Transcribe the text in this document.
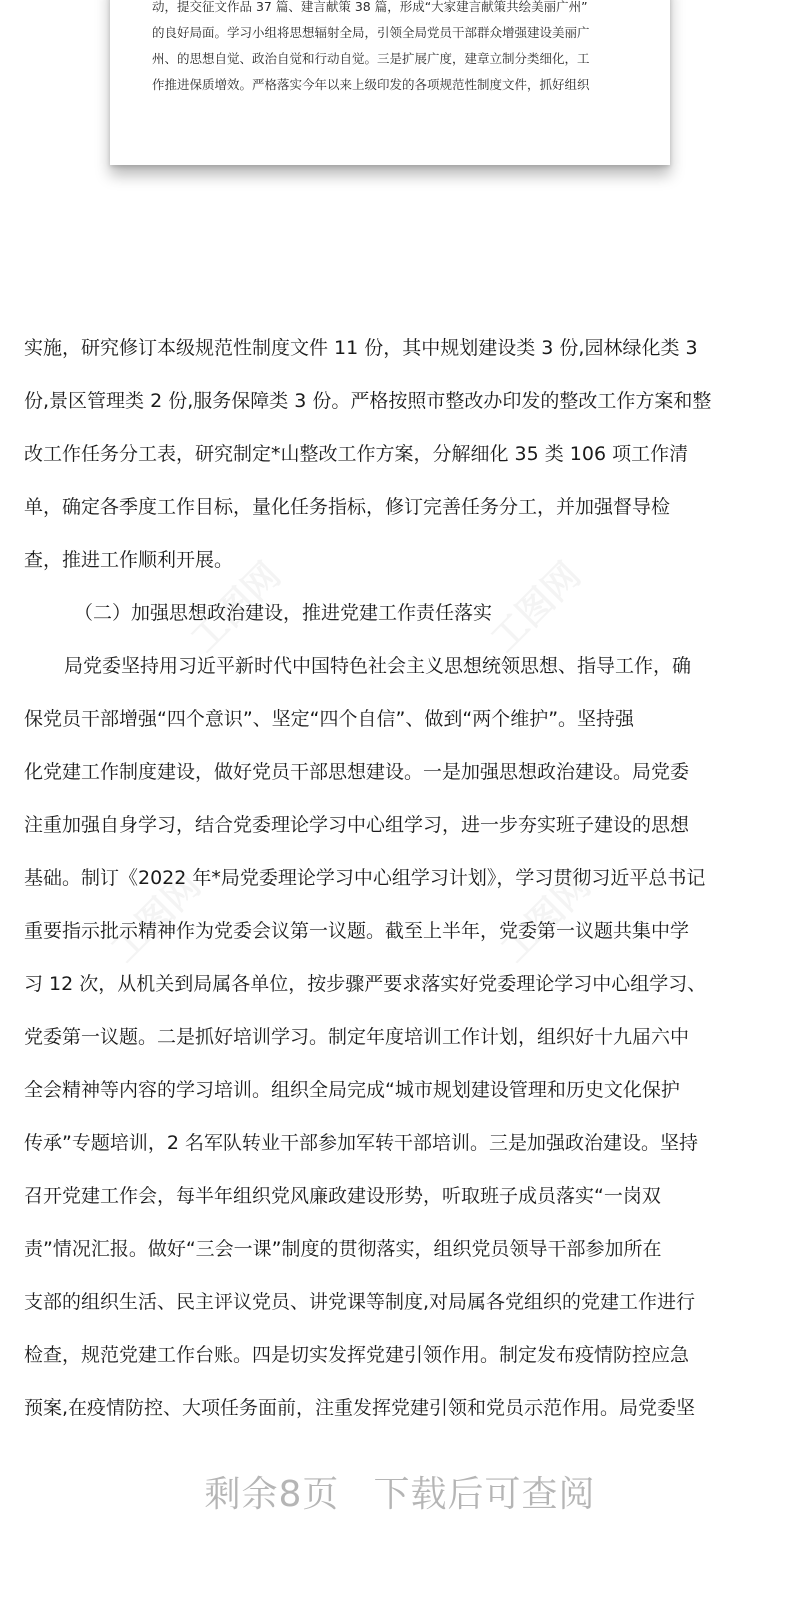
动，提交征文作品 37 篇、建言献策 38 篇，形成“大家建言献策共绘美丽广州”
的良好局面。学习小组将思想辐射全局，引领全局党员干部群众增强建设美丽广
州、的思想自觉、政治自觉和行动自觉。三是扩展广度，建章立制分类细化，工
作推进保质增效。严格落实今年以来上级印发的各项规范性制度文件，抓好组织
实施，研究修订本级规范性制度文件 11 份，其中规划建设类 3 份,园林绿化类 3
份,景区管理类 2 份,服务保障类 3 份。严格按照市整改办印发的整改工作方案和整
改工作任务分工表，研究制定*山整改工作方案，分解细化 35 类 106 项工作清
单，确定各季度工作目标，量化任务指标，修订完善任务分工，并加强督导检
查，推进工作顺利开展。
（二）加强思想政治建设，推进党建工作责任落实
局党委坚持用习近平新时代中国特色社会主义思想统领思想、指导工作，确
保党员干部增强“四个意识”、坚定“四个自信”、做到“两个维护”。坚持强
化党建工作制度建设，做好党员干部思想建设。一是加强思想政治建设。局党委
注重加强自身学习，结合党委理论学习中心组学习，进一步夯实班子建设的思想
基础。制订《2022 年*局党委理论学习中心组学习计划》，学习贯彻习近平总书记
重要指示批示精神作为党委会议第一议题。截至上半年，党委第一议题共集中学
习 12 次，从机关到局属各单位，按步骤严要求落实好党委理论学习中心组学习、
党委第一议题。二是抓好培训学习。制定年度培训工作计划，组织好十九届六中
全会精神等内容的学习培训。组织全局完成“城市规划建设管理和历史文化保护
传承”专题培训，2 名军队转业干部参加军转干部培训。三是加强政治建设。坚持
召开党建工作会，每半年组织党风廉政建设形势，听取班子成员落实“一岗双
责”情况汇报。做好“三会一课”制度的贯彻落实，组织党员领导干部参加所在
支部的组织生活、民主评议党员、讲党课等制度,对局属各党组织的党建工作进行
检查，规范党建工作台账。四是切实发挥党建引领作用。制定发布疫情防控应急
预案,在疫情防控、大项任务面前，注重发挥党建引领和党员示范作用。局党委坚
剩余8页 下载后可查阅
